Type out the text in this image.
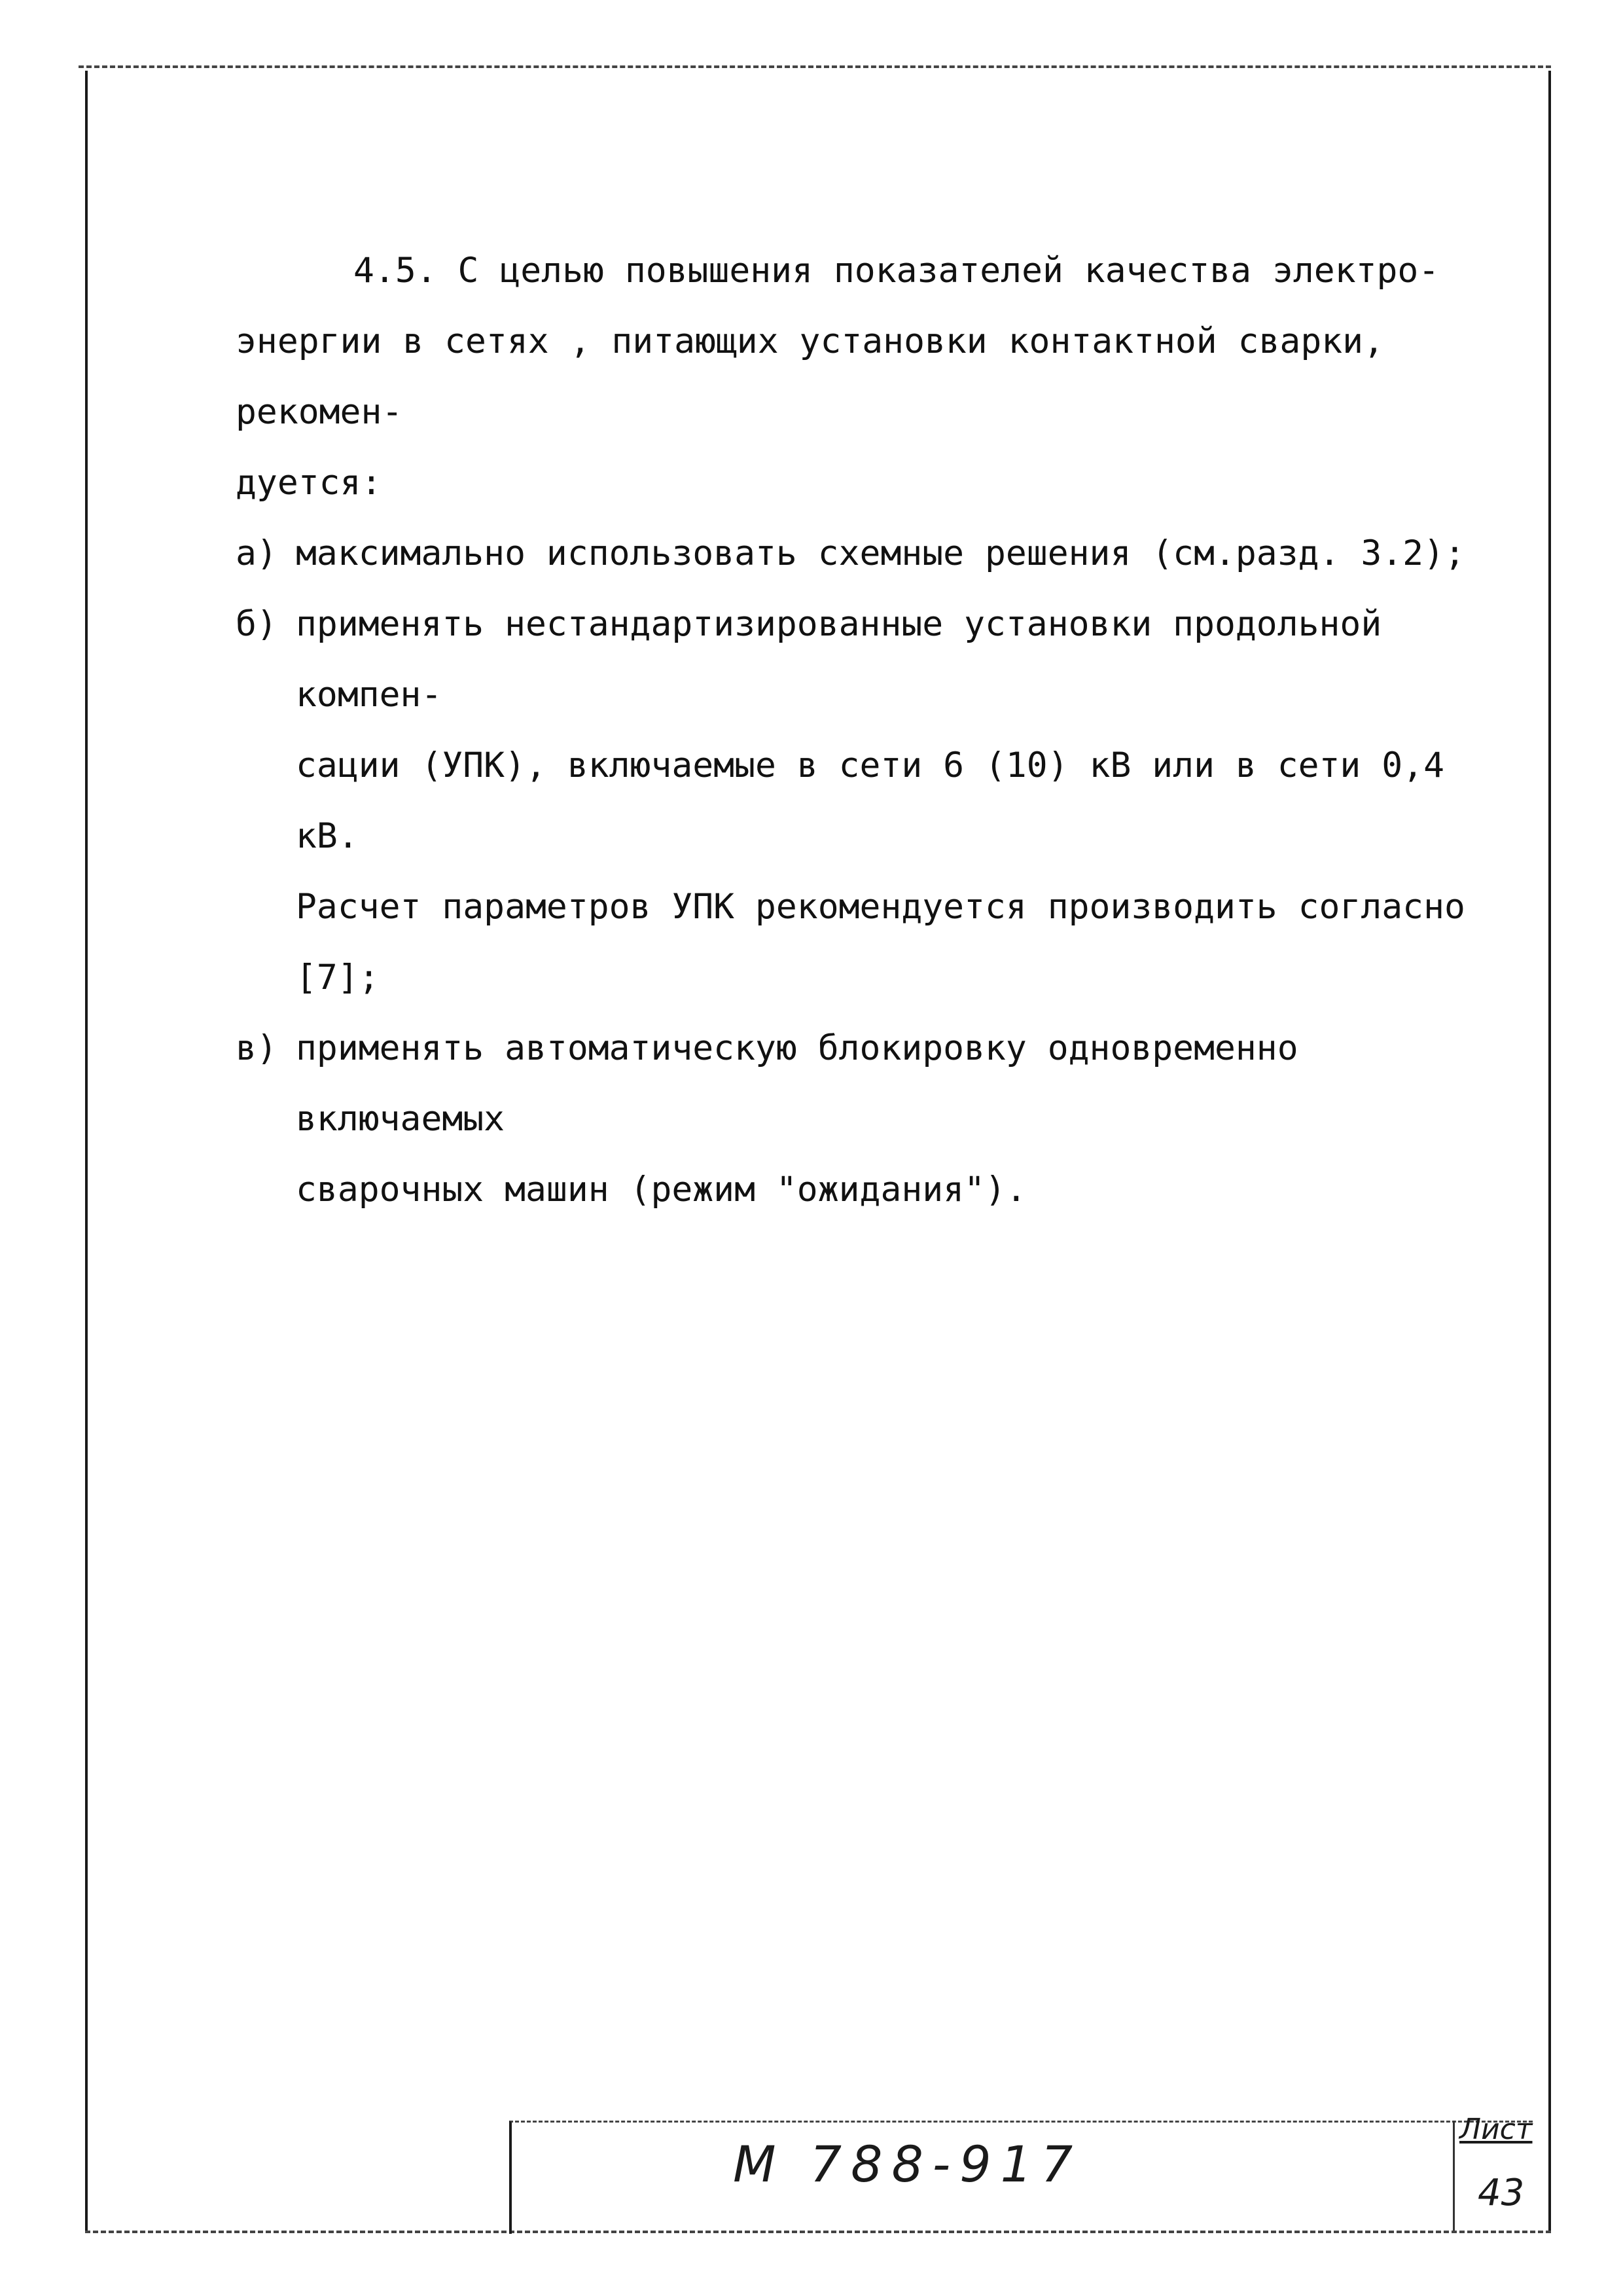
4.5. С целью повышения показателей качества электро-

энергии в сетях , питающих установки контактной сварки, рекомен-

дуется:

а) максимально использовать схемные решения (см.разд. 3.2);
б) применять нестандартизированные установки продольной компен-
сации (УПК), включаемые в сети 6 (10) кВ или в сети 0,4 кВ.
Расчет параметров УПК рекомендуется производить согласно [7];
в) применять автоматическую блокировку одновременно включаемых
сварочных машин (режим "ожидания").
М 788-917
Лист
43
